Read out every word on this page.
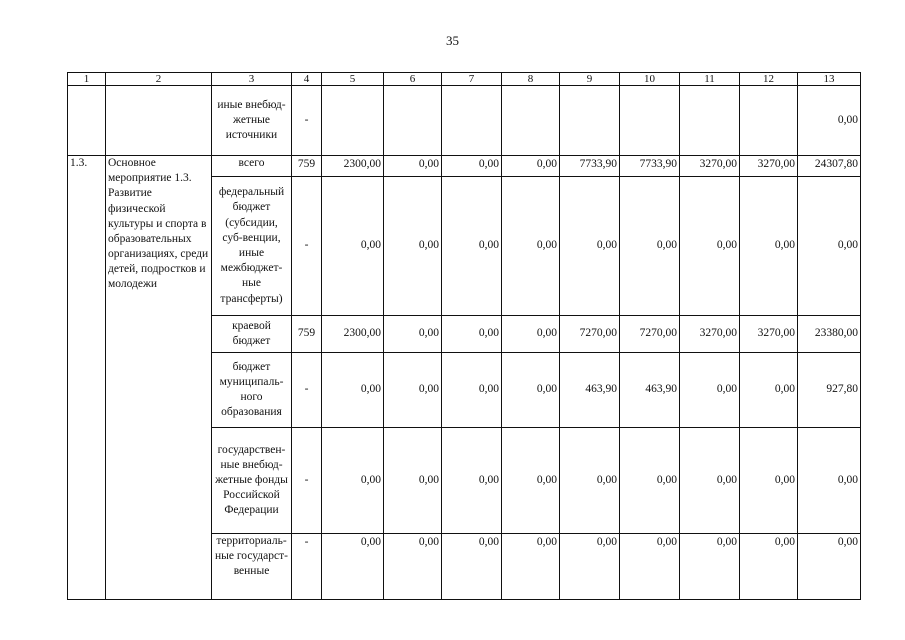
35
1	2	3	4	5	6	7	8	9	10	11	12	13
		иные внебюд-жетные источники	-									0,00
1.3.	Основное мероприятие 1.3. Развитие физической культуры и спорта в образовательных организациях, среди детей, подростков и молодежи	всего	759	2300,00	0,00	0,00	0,00	7733,90	7733,90	3270,00	3270,00	24307,80
		федеральный бюджет (субсидии, суб-венции, иные межбюджет-ные трансферты)	-	0,00	0,00	0,00	0,00	0,00	0,00	0,00	0,00	0,00
		краевой бюджет	759	2300,00	0,00	0,00	0,00	7270,00	7270,00	3270,00	3270,00	23380,00
		бюджет муниципаль-ного образования	-	0,00	0,00	0,00	0,00	463,90	463,90	0,00	0,00	927,80
		государствен-ные внебюд-жетные фонды Российской Федерации	-	0,00	0,00	0,00	0,00	0,00	0,00	0,00	0,00	0,00
		территориаль-ные государст-венные	-	0,00	0,00	0,00	0,00	0,00	0,00	0,00	0,00	0,00
